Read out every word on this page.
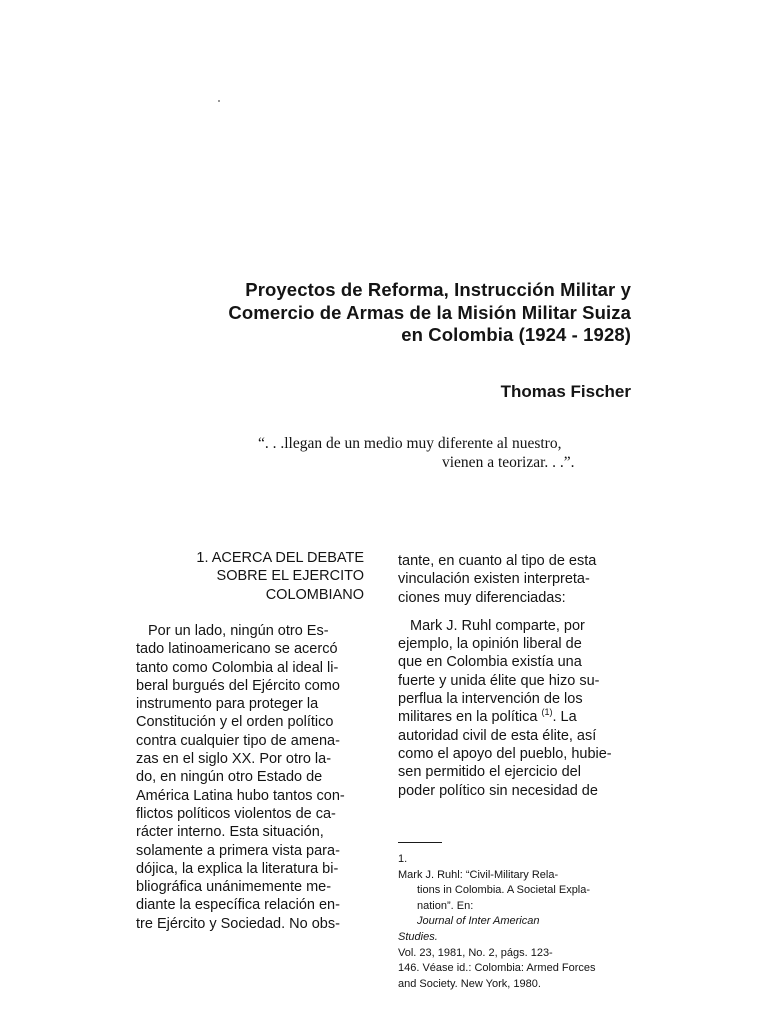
Proyectos de Reforma, Instrucción Militar y
Comercio de Armas de la Misión Militar Suiza
en Colombia (1924 - 1928)

Thomas Fischer

“. . .llegan de un medio muy diferente al nuestro,
vienen a teorizar. . .”.
1. ACERCA DEL DEBATE
SOBRE EL EJERCITO
COLOMBIANO
Por un lado, ningún otro Es-
tado latinoamericano se acercó
tanto como Colombia al ideal li-
beral burgués del Ejército como
instrumento para proteger la
Constitución y el orden político
contra cualquier tipo de amena-
zas en el siglo XX. Por otro la-
do, en ningún otro Estado de
América Latina hubo tantos con-
flictos políticos violentos de ca-
rácter interno. Esta situación,
solamente a primera vista para-
dójica, la explica la literatura bi-
bliográfica unánimemente me-
diante la específica relación en-
tre Ejército y Sociedad. No obs-
tante, en cuanto al tipo de esta
vinculación existen interpreta-
ciones muy diferenciadas:
Mark J. Ruhl comparte, por
ejemplo, la opinión liberal de
que en Colombia existía una
fuerte y unida élite que hizo su-
perflua la intervención de los
militares en la política $^{(1)}$. La
autoridad civil de esta élite, así
como el apoyo del pueblo, hubie-
sen permitido el ejercicio del
poder político sin necesidad de
1.
Mark J. Ruhl: “Civil-Military Rela-
tions in Colombia. A Societal Expla-
nation”. En:
Journal of Inter American
Studies.
Vol. 23, 1981, No. 2, págs. 123-
146. Véase id.: Colombia: Armed Forces
and Society. New York, 1980.
